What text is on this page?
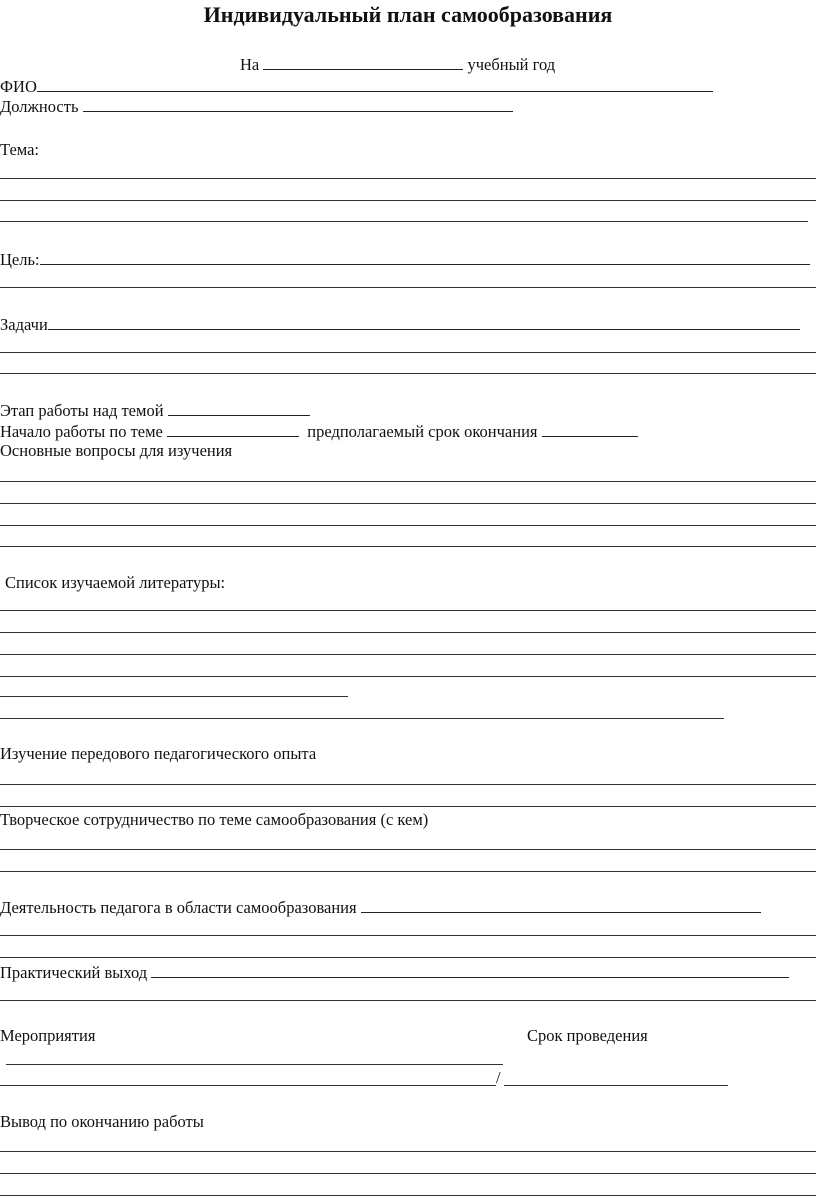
Индивидуальный план самообразования
На	учебный год
ФИО
Должность
Тема:
Цель:
Задачи
Этап работы над темой
Начало работы по теме	предполагаемый срок окончания
Основные вопросы для изучения
Список изучаемой литературы:
Изучение передового педагогического опыта
Творческое сотрудничество по теме самообразования (с кем)
Деятельность педагога в области самообразования
Практический выход
Мероприятия	Срок проведения
/
Вывод по окончанию работы
